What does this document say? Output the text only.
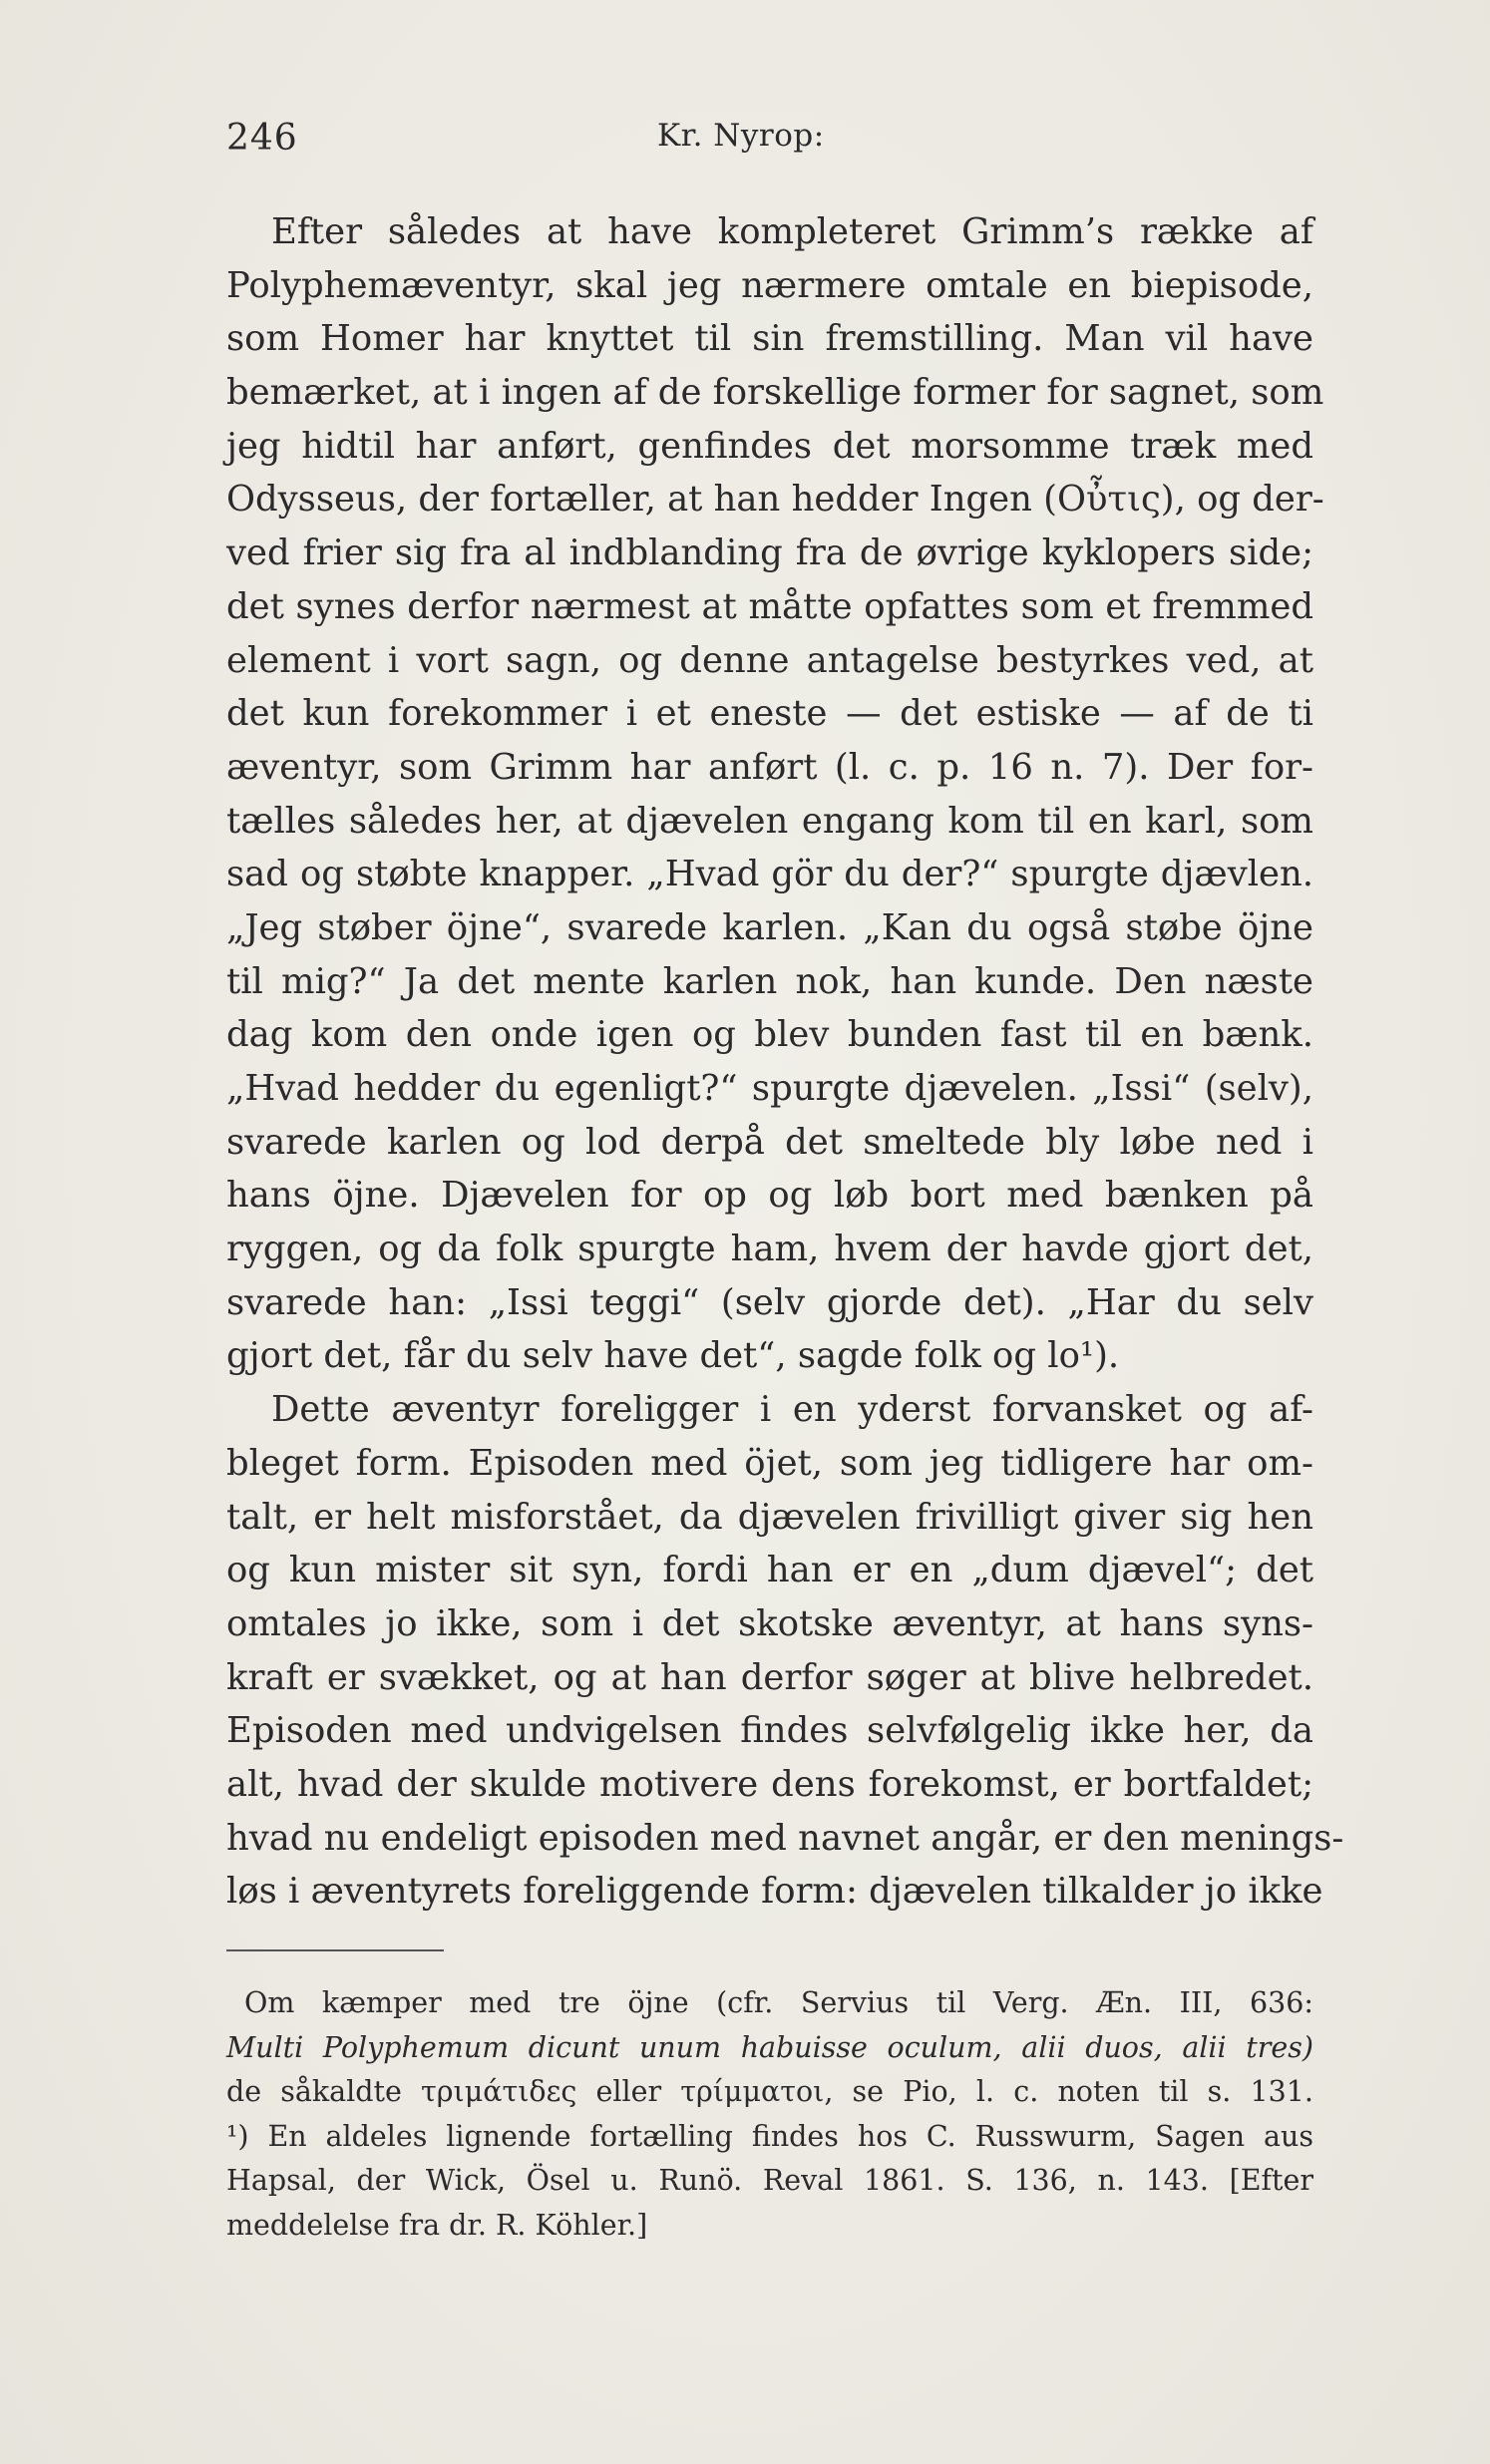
246	Kr. Nyrop:
Efter således at have kompleteret Grimm’s række af
Polyphemæventyr, skal jeg nærmere omtale en biepisode,
som Homer har knyttet til sin fremstilling. Man vil have
bemærket, at i ingen af de forskellige former for sagnet, som
jeg hidtil har anført, genfindes det morsomme træk med
Odysseus, der fortæller, at han hedder Ingen (Οὖτις), og der-
ved frier sig fra al indblanding fra de øvrige kyklopers side;
det synes derfor nærmest at måtte opfattes som et fremmed
element i vort sagn, og denne antagelse bestyrkes ved, at
det kun forekommer i et eneste — det estiske — af de ti
æventyr, som Grimm har anført (l. c. p. 16 n. 7). Der for-
tælles således her, at djævelen engang kom til en karl, som
sad og støbte knapper. „Hvad gör du der?“ spurgte djævlen.
„Jeg støber öjne“, svarede karlen. „Kan du også støbe öjne
til mig?“ Ja det mente karlen nok, han kunde. Den næste
dag kom den onde igen og blev bunden fast til en bænk.
„Hvad hedder du egenligt?“ spurgte djævelen. „Issi“ (selv),
svarede karlen og lod derpå det smeltede bly løbe ned i
hans öjne. Djævelen for op og løb bort med bænken på
ryggen, og da folk spurgte ham, hvem der havde gjort det,
svarede han: „Issi teggi“ (selv gjorde det). „Har du selv
gjort det, får du selv have det“, sagde folk og lo¹).
Dette æventyr foreligger i en yderst forvansket og af-
bleget form. Episoden med öjet, som jeg tidligere har om-
talt, er helt misforstået, da djævelen frivilligt giver sig hen
og kun mister sit syn, fordi han er en „dum djævel“; det
omtales jo ikke, som i det skotske æventyr, at hans syns-
kraft er svækket, og at han derfor søger at blive helbredet.
Episoden med undvigelsen findes selvfølgelig ikke her, da
alt, hvad der skulde motivere dens forekomst, er bortfaldet;
hvad nu endeligt episoden med navnet angår, er den menings-
løs i æventyrets foreliggende form: djævelen tilkalder jo ikke
Om kæmper med tre öjne (cfr. Servius til Verg. Æn. III, 636:
Multi Polyphemum dicunt unum habuisse oculum, alii duos, alii tres)
de såkaldte τριμάτιδες eller τρίμματοι, se Pio, l. c. noten til s. 131.
¹) En aldeles lignende fortælling findes hos C. Russwurm, Sagen aus
Hapsal, der Wick, Ösel u. Runö. Reval 1861. S. 136, n. 143. [Efter
meddelelse fra dr. R. Köhler.]
